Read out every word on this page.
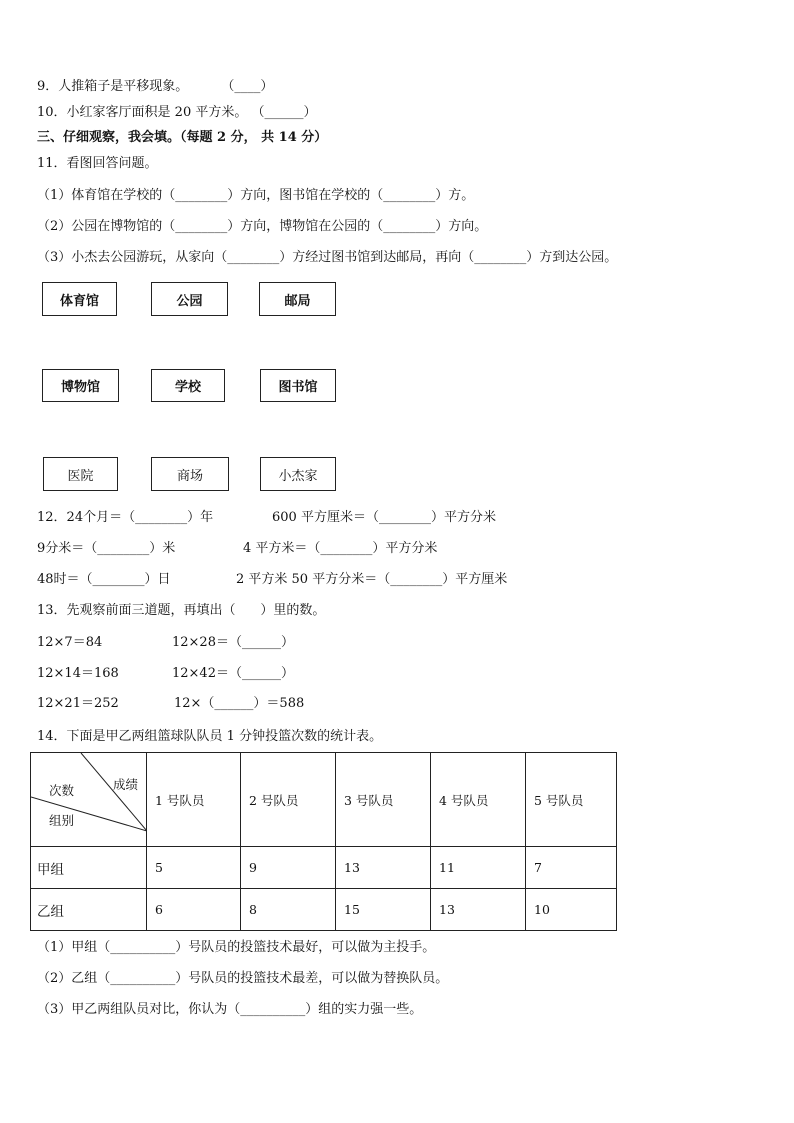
9．人推箱子是平移现象。        （____）
10．小红家客厅面积是 20 平方米。 （______）
三、仔细观察，我会填。（每题 2 分， 共 14 分）
11．看图回答问题。
（1）体育馆在学校的（________）方向，图书馆在学校的（________）方。
（2）公园在博物馆的（________）方向，博物馆在公园的（________）方向。
（3）小杰去公园游玩，从家向（________）方经过图书馆到达邮局，再向（________）方到达公园。
体育馆	公园	邮局
博物馆	学校	图书馆
医院	商场	小杰家
12．24个月＝（________）年	600 平方厘米＝（________）平方分米
9分米＝（________）米	4 平方米＝（________）平方分米
48时＝（________）日	2 平方米 50 平方分米＝（________）平方厘米
13．先观察前面三道题，再填出（      ）里的数。
12×7＝84	12×28＝（______）
12×14＝168	12×42＝（______）
12×21＝252	12×（______）＝588
14．下面是甲乙两组篮球队队员 1 分钟投篮次数的统计表。
成绩
次数
组别	1 号队员	2 号队员	3 号队员	4 号队员	5 号队员
甲组	5	9	13	11	7
乙组	6	8	15	13	10
（1）甲组（__________）号队员的投篮技术最好，可以做为主投手。
（2）乙组（__________）号队员的投篮技术最差，可以做为替换队员。
（3）甲乙两组队员对比，你认为（__________）组的实力强一些。
